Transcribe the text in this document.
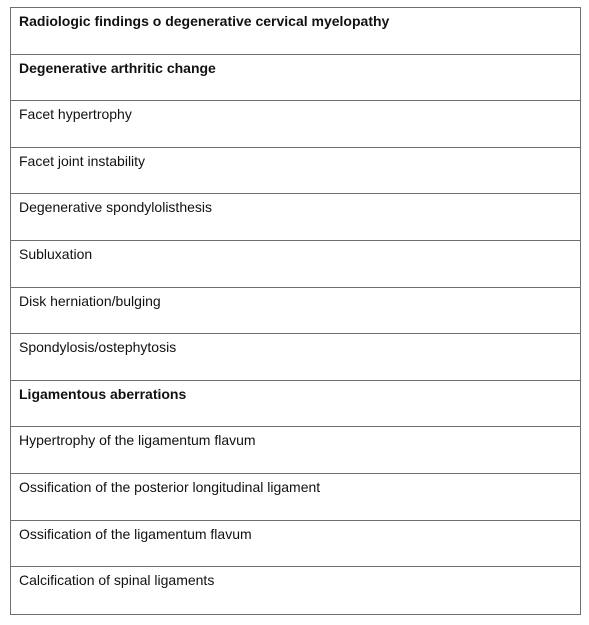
Radiologic findings o degenerative cervical myelopathy
Degenerative arthritic change
Facet hypertrophy
Facet joint instability
Degenerative spondylolisthesis
Subluxation
Disk herniation/bulging
Spondylosis/ostephytosis
Ligamentous aberrations
Hypertrophy of the ligamentum flavum
Ossification of the posterior longitudinal ligament
Ossification of the ligamentum flavum
Calcification of spinal ligaments
